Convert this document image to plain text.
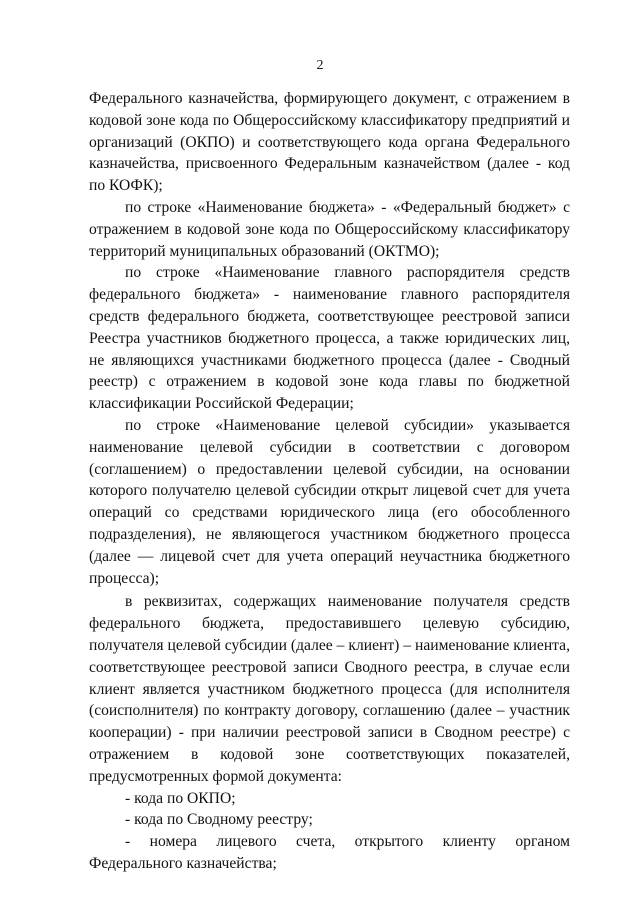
2

Федерального казначейства, формирующего документ, с отражением в кодовой зоне кода по Общероссийскому классификатору предприятий и организаций (ОКПО) и соответствующего кода органа Федерального казначейства, присвоенного Федеральным казначейством (далее - код по КОФК);

по строке «Наименование бюджета» - «Федеральный бюджет» с отражением в кодовой зоне кода по Общероссийскому классификатору территорий муниципальных образований (ОКТМО);

по строке «Наименование главного распорядителя средств федерального бюджета» - наименование главного распорядителя средств федерального бюджета, соответствующее реестровой записи Реестра участников бюджетного процесса, а также юридических лиц, не являющихся участниками бюджетного процесса (далее - Сводный реестр) с отражением в кодовой зоне кода главы по бюджетной классификации Российской Федерации;

по строке «Наименование целевой субсидии» указывается наименование целевой субсидии в соответствии с договором (соглашением) о предоставлении целевой субсидии, на основании которого получателю целевой субсидии открыт лицевой счет для учета операций со средствами юридического лица (его обособленного подразделения), не являющегося участником бюджетного процесса (далее — лицевой счет для учета операций неучастника бюджетного процесса);

в реквизитах, содержащих наименование получателя средств федерального бюджета, предоставившего целевую субсидию, получателя целевой субсидии (далее – клиент) – наименование клиента, соответствующее реестровой записи Сводного реестра, в случае если клиент является участником бюджетного процесса (для исполнителя (соисполнителя) по контракту договору, соглашению (далее – участник кооперации) - при наличии реестровой записи в Сводном реестре) с отражением в кодовой зоне соответствующих показателей, предусмотренных формой документа:

- кода по ОКПО;

- кода по Сводному реестру;

- номера лицевого счета, открытого клиенту органом Федерального казначейства;
